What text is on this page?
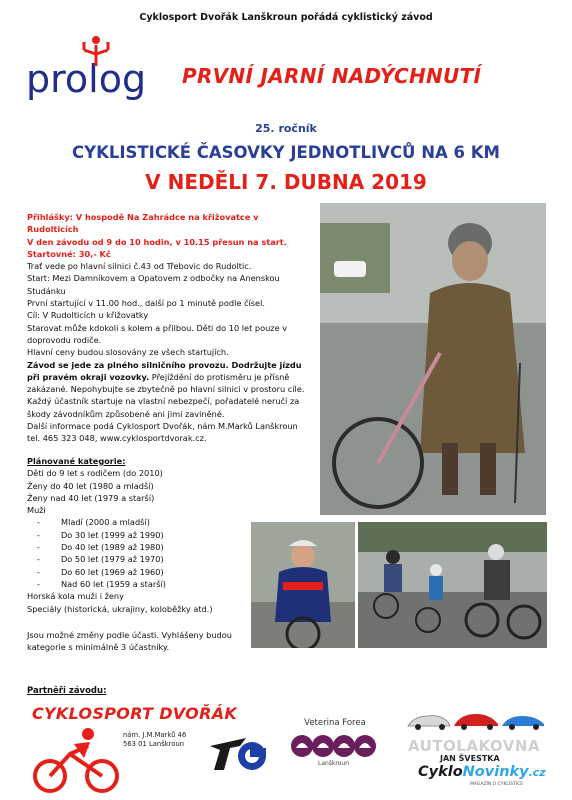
Cyklosport Dvořák Lanškroun pořádá cyklistický závod
prolog PRVNÍ JARNÍ NADÝCHNUTÍ
25. ročník
CYKLISTICKÉ ČASOVKY JEDNOTLIVCŮ NA 6 KM
V NEDĚLI 7. DUBNA 2019

Přihlášky: V hospodě Na Zahrádce na křižovatce v Rudolticích

V den závodu od 9 do 10 hodin, v 10.15 přesun na start.

Startovné: 30,- Kč

Trať vede po hlavní silnici č.43 od Třebovic do Rudoltic.

Start: Mezi Damníkovem a Opatovem z odbočky na Anenskou Studánku

První startující v 11.00 hod., další po 1 minutě podle čísel.

Cíl: V Rudolticích u křižovatky

Starovat může kdokoli s kolem a přilbou. Děti do 10 let pouze v doprovodu rodiče.

Hlavní ceny budou slosovány ze všech startujích.

Závod se jede za plného silničního provozu. Dodržujte jízdu při pravém okraji vozovky. Přejíždění do protisměru je přísně zakázané. Nepohybujte se zbytečně po hlavní silnici v prostoru cíle. Každý účastník startuje na vlastní nebezpečí, pořadatelé neručí za škody závodníkům způsobené ani jimi zaviněné.

Další informace podá Cyklosport Dvořák, nám M.Marků Lanškroun tel. 465 323 048, www.cyklosportdvorak.cz.

Plánované kategorie:

Děti do 9 let s rodičem (do 2010)

Ženy do 40 let (1980 a mladší)

Ženy nad 40 let (1979 a starší)

Muži

-	Mladí (2000 a mladší)

-	Do 30 let (1999 až 1990)

-	Do 40 let (1989 až 1980)

-	Do 50 let (1979 až 1970)

-	Do 60 let (1969 až 1960)

-	Nad 60 let (1959 a starší)

Horská kola muži i ženy

Speciály (historická, ukrajiny, koloběžky atd.)

Jsou možné změny podle účasti. Vyhlášeny budou kategorie s minimálně 3 účastníky.
Partněři závodu:
CYKLOSPORT DVOŘÁK
nám. J.M.Marků 46
563 01 Lanškroun
Veterina Forea
Lanškroun
AUTOLAKOVNA
JAN ŠVESTKA
CykloNovinky.cz
MAGAZÍN O CYKLISTICE
